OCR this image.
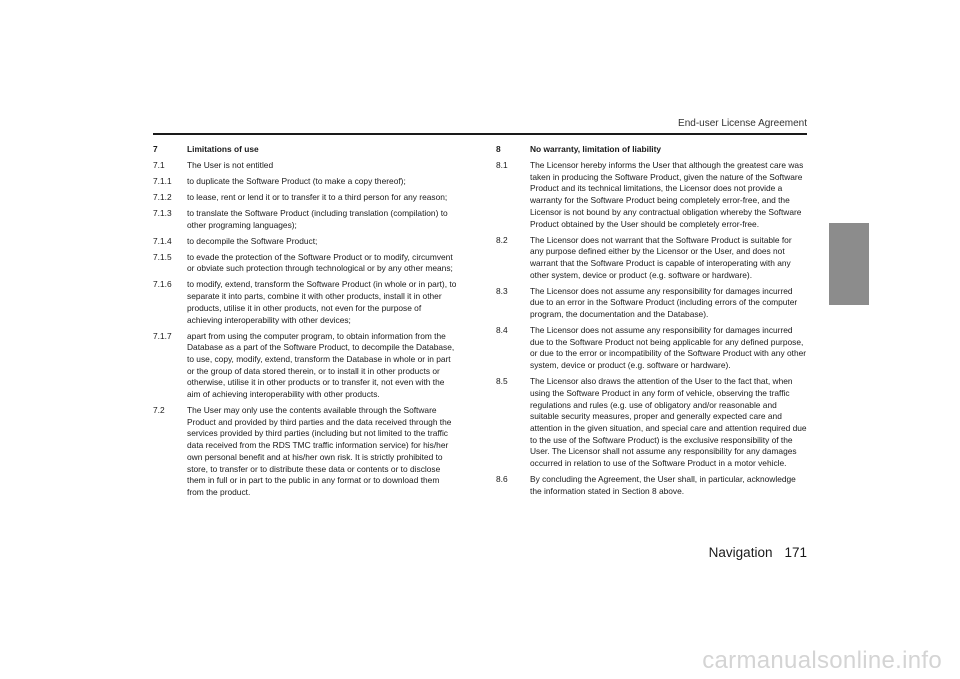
End-user License Agreement
7	Limitations of use
7.1	The User is not entitled
7.1.1	to duplicate the Software Product (to make a copy thereof);
7.1.2	to lease, rent or lend it or to transfer it to a third person for any reason;
7.1.3	to translate the Software Product (including translation (compilation) to other programing languages);
7.1.4	to decompile the Software Product;
7.1.5	to evade the protection of the Software Product or to modify, circumvent or obviate such protection through technological or by any other means;
7.1.6	to modify, extend, transform the Software Product (in whole or in part), to separate it into parts, combine it with other products, install it in other products, utilise it in other products, not even for the purpose of achieving interoperability with other devices;
7.1.7	apart from using the computer program, to obtain information from the Database as a part of the Software Product, to decompile the Database, to use, copy, modify, extend, transform the Database in whole or in part or the group of data stored therein, or to install it in other products or otherwise, utilise it in other products or to transfer it, not even with the aim of achieving interoperability with other products.
7.2	The User may only use the contents available through the Software Product and provided by third parties and the data received through the services provided by third parties (including but not limited to the traffic data received from the RDS TMC traffic information service) for his/her own personal benefit and at his/her own risk. It is strictly prohibited to store, to transfer or to distribute these data or contents or to disclose them in full or in part to the public in any format or to download them from the product.
8	No warranty, limitation of liability
8.1	The Licensor hereby informs the User that although the greatest care was taken in producing the Software Product, given the nature of the Software Product and its technical limitations, the Licensor does not provide a warranty for the Software Product being completely error-free, and the Licensor is not bound by any contractual obligation whereby the Software Product obtained by the User should be completely error-free.
8.2	The Licensor does not warrant that the Software Product is suitable for any purpose defined either by the Licensor or the User, and does not warrant that the Software Product is capable of interoperating with any other system, device or product (e.g. software or hardware).
8.3	The Licensor does not assume any responsibility for damages incurred due to an error in the Software Product (including errors of the computer program, the documentation and the Database).
8.4	The Licensor does not assume any responsibility for damages incurred due to the Software Product not being applicable for any defined purpose, or due to the error or incompatibility of the Software Product with any other system, device or product (e.g. software or hardware).
8.5	The Licensor also draws the attention of the User to the fact that, when using the Software Product in any form of vehicle, observing the traffic regulations and rules (e.g. use of obligatory and/or reasonable and suitable security measures, proper and generally expected care and attention in the given situation, and special care and attention required due to the use of the Software Product) is the exclusive responsibility of the User. The Licensor shall not assume any responsibility for any damages occurred in relation to use of the Software Product in a motor vehicle.
8.6	By concluding the Agreement, the User shall, in particular, acknowledge the information stated in Section 8 above.
Navigation 171
carmanualsonline.info
